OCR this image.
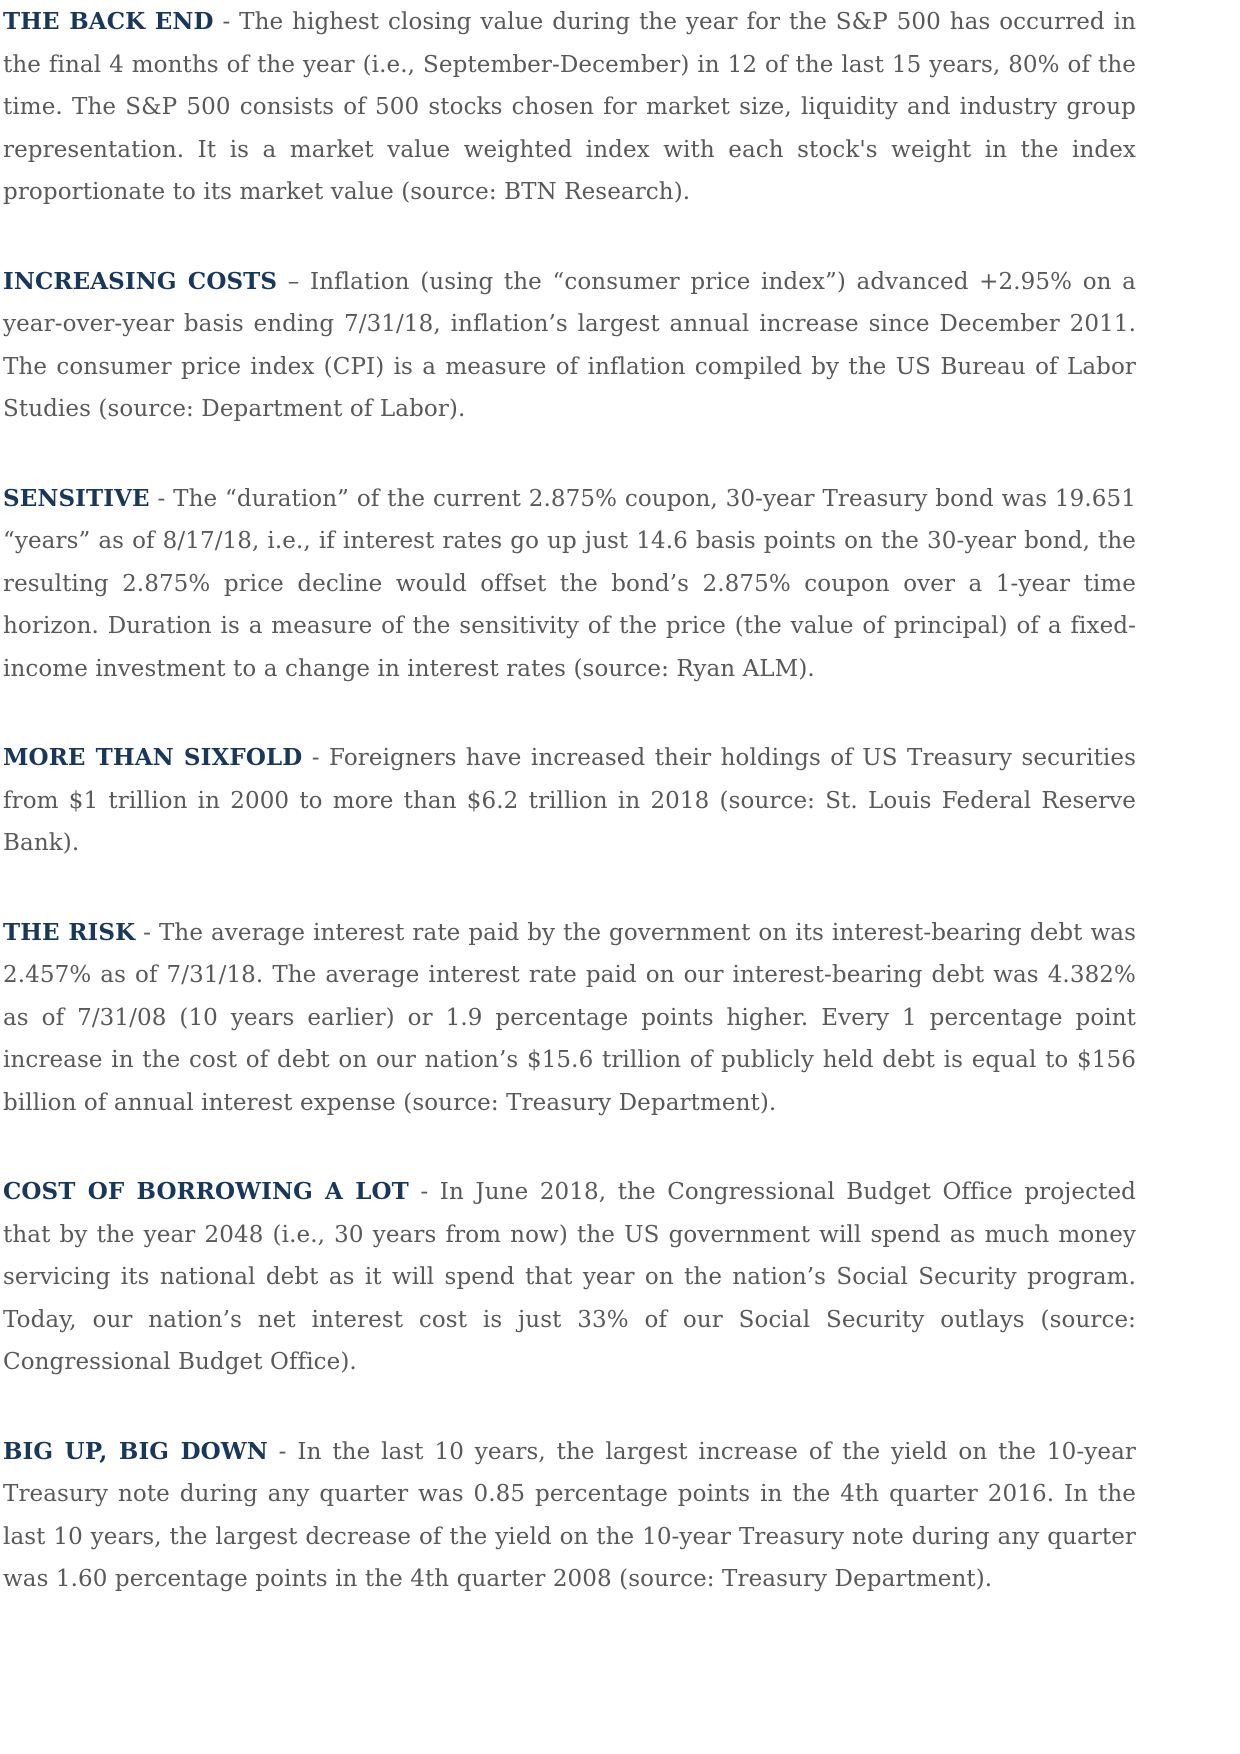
THE BACK END - The highest closing value during the year for the S&P 500 has occurred in the final 4 months of the year (i.e., September-December) in 12 of the last 15 years, 80% of the time. The S&P 500 consists of 500 stocks chosen for market size, liquidity and industry group representation. It is a market value weighted index with each stock's weight in the index proportionate to its market value (source: BTN Research).

INCREASING COSTS – Inflation (using the “consumer price index”) advanced +2.95% on a year-over-year basis ending 7/31/18, inflation’s largest annual increase since December 2011. The consumer price index (CPI) is a measure of inflation compiled by the US Bureau of Labor Studies (source: Department of Labor).

SENSITIVE - The “duration” of the current 2.875% coupon, 30-year Treasury bond was 19.651 “years” as of 8/17/18, i.e., if interest rates go up just 14.6 basis points on the 30-year bond, the resulting 2.875% price decline would offset the bond’s 2.875% coupon over a 1-year time horizon. Duration is a measure of the sensitivity of the price (the value of principal) of a fixed-income investment to a change in interest rates (source: Ryan ALM).

MORE THAN SIXFOLD - Foreigners have increased their holdings of US Treasury securities from $1 trillion in 2000 to more than $6.2 trillion in 2018 (source: St. Louis Federal Reserve Bank).

THE RISK - The average interest rate paid by the government on its interest-bearing debt was 2.457% as of 7/31/18. The average interest rate paid on our interest-bearing debt was 4.382% as of 7/31/08 (10 years earlier) or 1.9 percentage points higher. Every 1 percentage point increase in the cost of debt on our nation’s $15.6 trillion of publicly held debt is equal to $156 billion of annual interest expense (source: Treasury Department).

COST OF BORROWING A LOT - In June 2018, the Congressional Budget Office projected that by the year 2048 (i.e., 30 years from now) the US government will spend as much money servicing its national debt as it will spend that year on the nation’s Social Security program. Today, our nation’s net interest cost is just 33% of our Social Security outlays (source: Congressional Budget Office).

BIG UP, BIG DOWN - In the last 10 years, the largest increase of the yield on the 10-year Treasury note during any quarter was 0.85 percentage points in the 4th quarter 2016. In the last 10 years, the largest decrease of the yield on the 10-year Treasury note during any quarter was 1.60 percentage points in the 4th quarter 2008 (source: Treasury Department).
